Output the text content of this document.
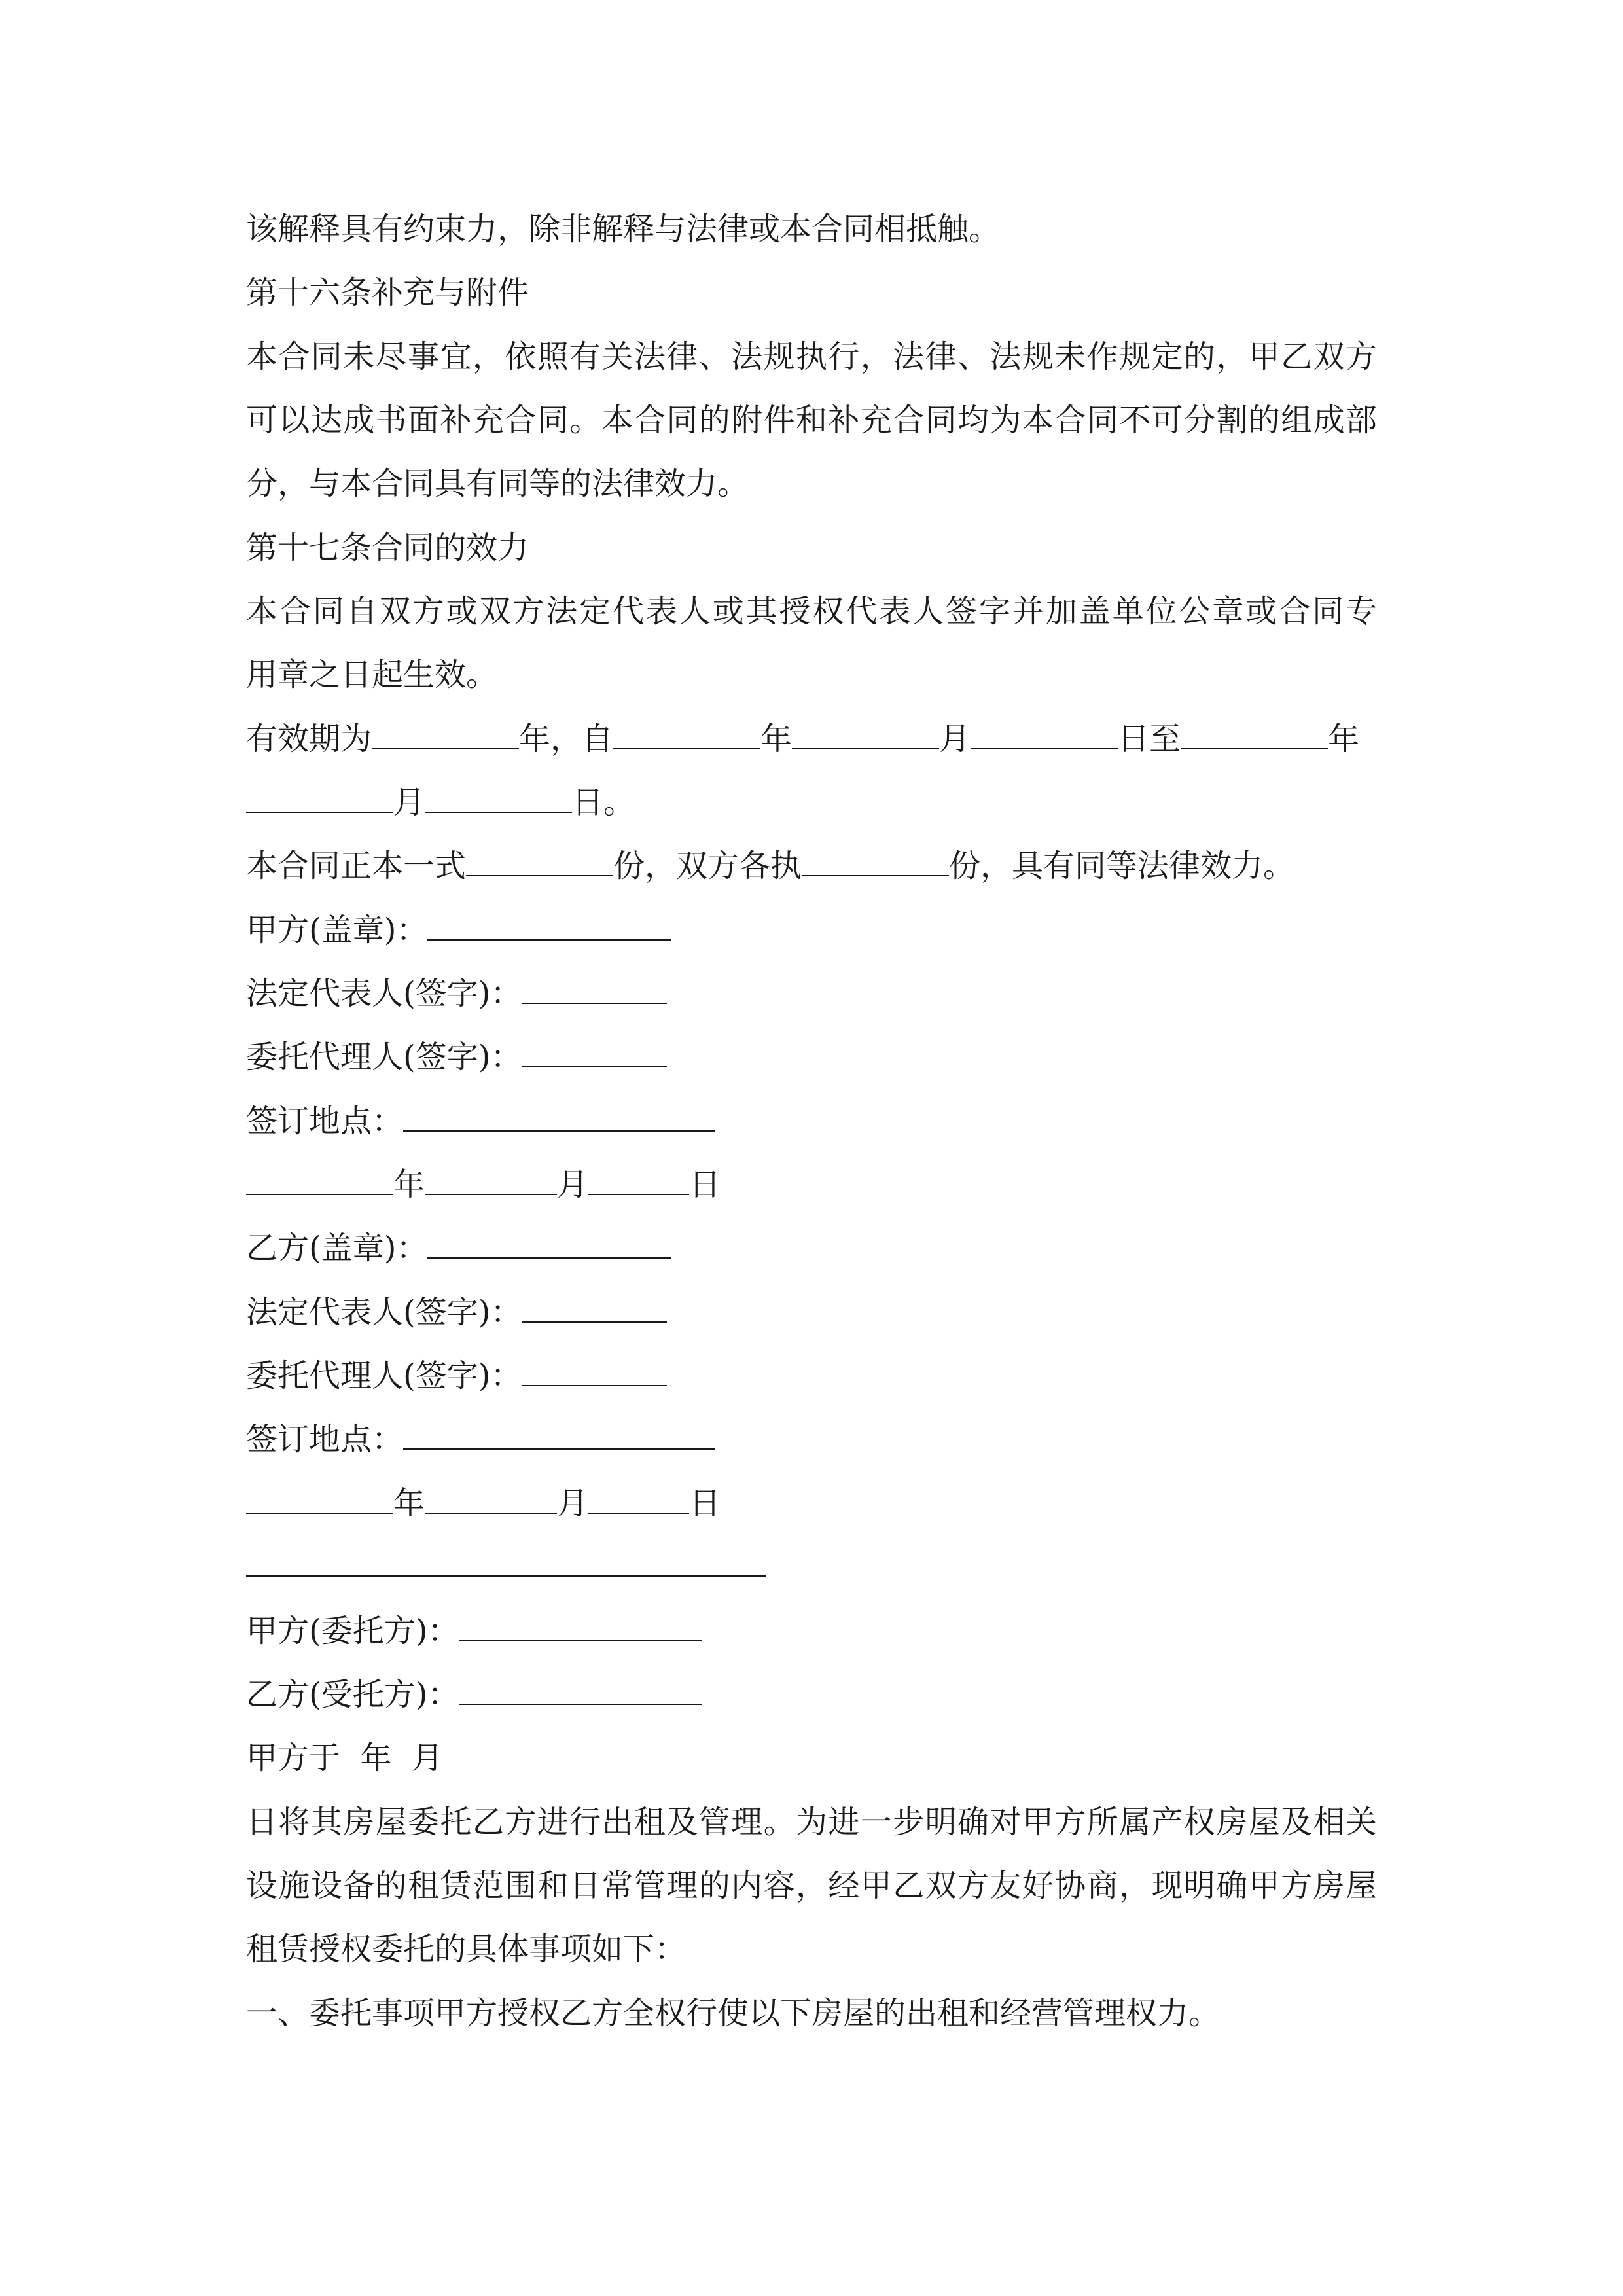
该解释具有约束力，除非解释与法律或本合同相抵触。
第十六条补充与附件
本合同未尽事宜，依照有关法律、法规执行，法律、法规未作规定的，甲乙双方
可以达成书面补充合同。本合同的附件和补充合同均为本合同不可分割的组成部
分，与本合同具有同等的法律效力。
第十七条合同的效力
本合同自双方或双方法定代表人或其授权代表人签字并加盖单位公章或合同专
用章之日起生效。
有效期为	年，自	年	月	日至	年
月	日。
本合同正本一式	份，双方各执	份，具有同等法律效力。
甲方(盖章)：
法定代表人(签字)：
委托代理人(签字)：
签订地点：
年	月	日
乙方(盖章)：
法定代表人(签字)：
委托代理人(签字)：
签订地点：
年	月	日
甲方(委托方)：
乙方(受托方)：
甲方于  年  月
日将其房屋委托乙方进行出租及管理。为进一步明确对甲方所属产权房屋及相关
设施设备的租赁范围和日常管理的内容，经甲乙双方友好协商，现明确甲方房屋
租赁授权委托的具体事项如下：
一、委托事项甲方授权乙方全权行使以下房屋的出租和经营管理权力。
